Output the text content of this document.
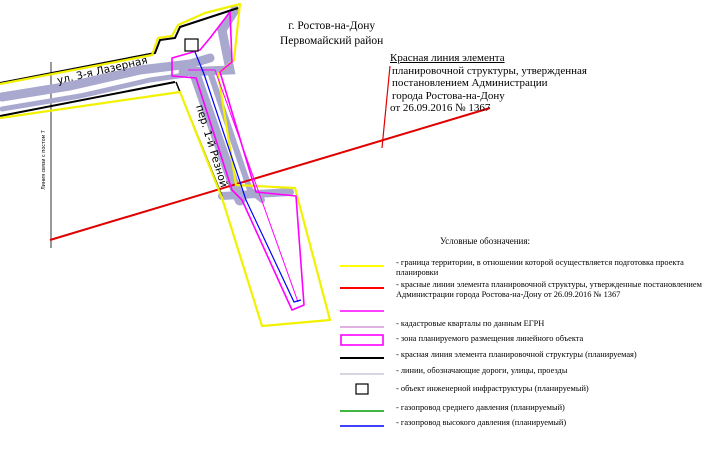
ул. 3-я Лазерная
пер. 1-й Резной
Линия связи с постом 7
г. Ростов-на-Дону
Первомайский район
Красная линия элемента
планировочной структуры, утвержденная
постановлением Администрации
города Ростова-на-Дону
от 26.09.2016 № 1367
Условные обозначения:
- граница территории, в отношении которой осуществляется подготовка проекта планировки
- красные линии элемента планировочной структуры, утвержденные постановлением Администрации города Ростова-на-Дону от 26.09.2016 № 1367
- кадастровые кварталы по данным ЕГРН
- зона планируемого размещения линейного объекта
- красная линия элемента планировочной структуры (планируемая)
- линии, обозначающие дороги, улицы, проезды
- объект инженерной инфраструктуры (планируемый)
- газопровод среднего давления (планируемый)
- газопровод высокого давления (планируемый)
